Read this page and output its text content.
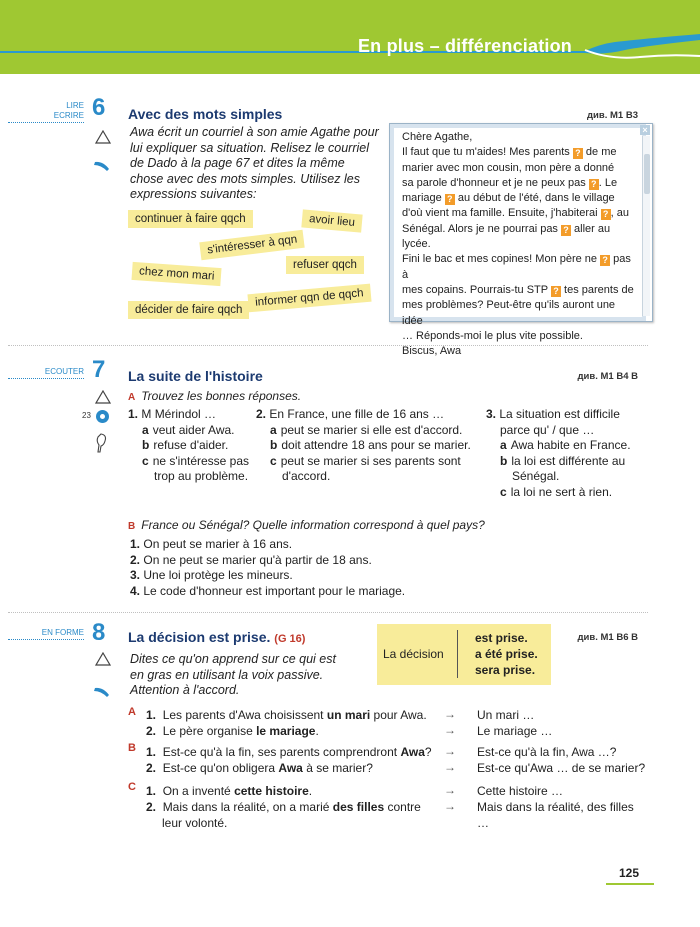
En plus – différenciation
LIRE
ECRIRE 6 Avec des mots simples	див. M1 B3
Awa écrit un courriel à son amie Agathe pour
lui expliquer sa situation. Relisez le courriel
de Dado à la page 67 et dites la même
chose avec des mots simples. Utilisez les
expressions suivantes:
continuer à faire qqch	avoir lieu
s'intéresser à qqn
refuser qqch
chez mon mari
informer qqn de qqch
décider de faire qqch
Chère Agathe,
Il faut que tu m'aides! Mes parents ? de me
marier avec mon cousin, mon père a donné
sa parole d'honneur et je ne peux pas ? . Le
mariage ? au début de l'été, dans le village
d'où vient ma famille. Ensuite, j'habiterai ? , au
Sénégal. Alors je ne pourrai pas ? aller au lycée.
Fini le bac et mes copines! Mon père ne ? pas à
mes copains. Pourrais-tu STP ? tes parents de
mes problèmes? Peut-être qu'ils auront une idée
… Réponds-moi le plus vite possible.
Biscus, Awa
×
ECOUTER 7 La suite de l'histoire	див. M1 B4 B
A Trouvez les bonnes réponses.
23	1. M Mérindol …
a veut aider Awa.
b refuse d'aider.
c ne s'intéresse pas
trop au problème.
2. En France, une fille de 16 ans …
a peut se marier si elle est d'accord.
b doit attendre 18 ans pour se marier.
c peut se marier si ses parents sont
d'accord.
3. La situation est difficile
parce qu' / que …
a Awa habite en France.
b la loi est différente au
Sénégal.
c la loi ne sert à rien.
B France ou Sénégal? Quelle information correspond à quel pays?
1. On peut se marier à 16 ans.
2. On ne peut se marier qu'à partir de 18 ans.
3. Une loi protège les mineurs.
4. Le code d'honneur est important pour le mariage.
EN FORME 8 La décision est prise. (G 16)	див. M1 B6 B
Dites ce qu'on apprend sur ce qui est
en gras en utilisant la voix passive.
Attention à l'accord.
La décision
est prise.
a été prise.
sera prise.
A 1. Les parents d'Awa choisissent un mari pour Awa. → Un mari …
2. Le père organise le mariage.	→ Le mariage …
B 1. Est-ce qu'à la fin, ses parents comprendront Awa? → Est-ce qu'à la fin, Awa …?
2. Est-ce qu'on obligera Awa à se marier?	→ Est-ce qu'Awa … de se marier?
C 1. On a inventé cette histoire.	→ Cette histoire …
2. Mais dans la réalité, on a marié des filles contre
leur volonté.
→ Mais dans la réalité, des filles
…
125
